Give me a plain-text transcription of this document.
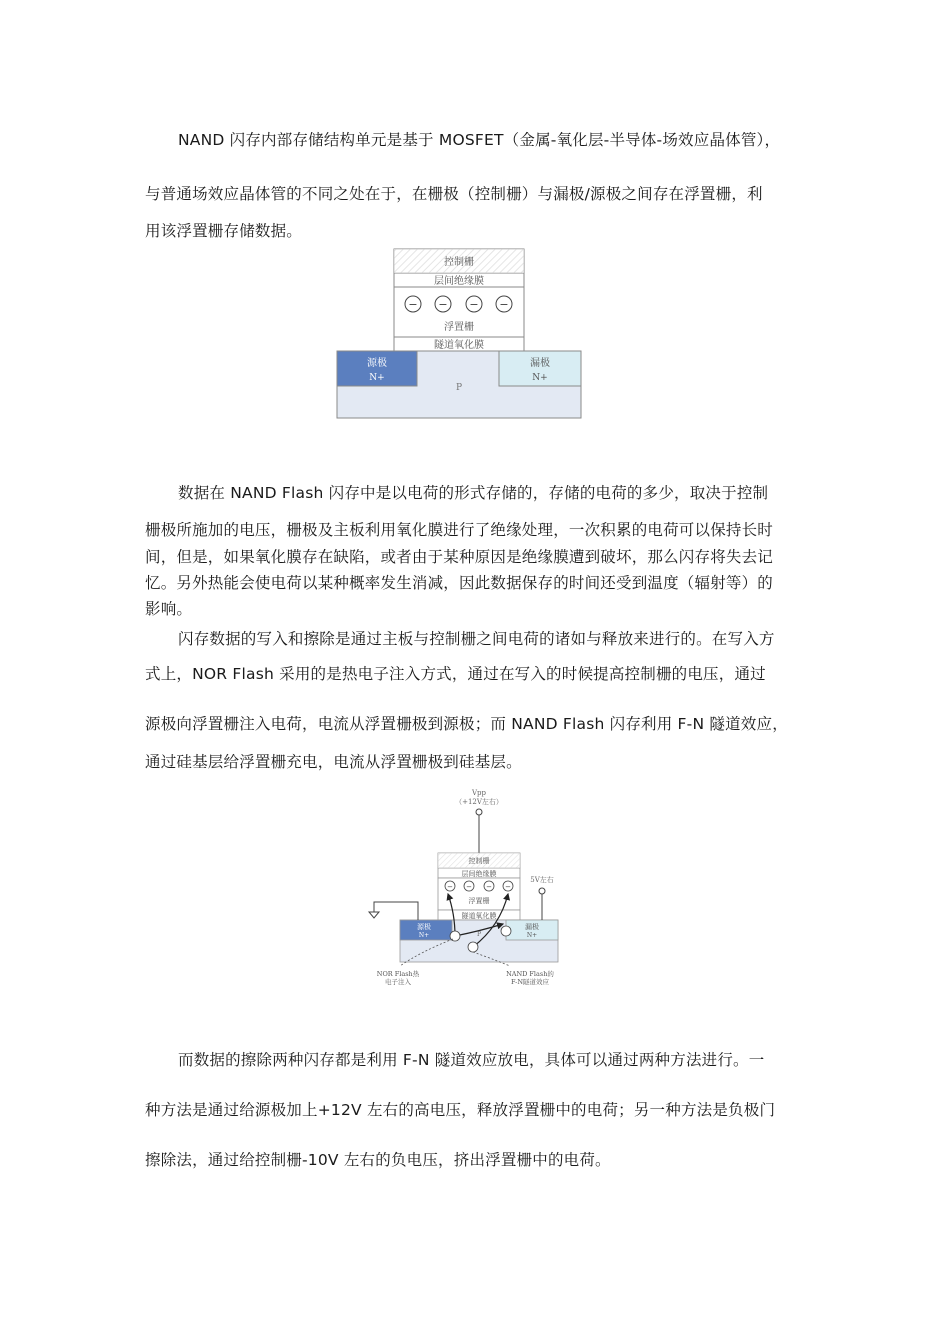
NAND 闪存内部存储结构单元是基于 MOSFET（金属-氧化层-半导体-场效应晶体管），
与普通场效应晶体管的不同之处在于，在栅极（控制栅）与漏极/源极之间存在浮置栅，利
用该浮置栅存储数据。
控制栅
层间绝缘膜
− − − −
浮置栅
隧道氧化膜
源极
N+
漏极
N+
P
数据在 NAND Flash 闪存中是以电荷的形式存储的，存储的电荷的多少，取决于控制
栅极所施加的电压，栅极及主板利用氧化膜进行了绝缘处理，一次积累的电荷可以保持长时
间，但是，如果氧化膜存在缺陷，或者由于某种原因是绝缘膜遭到破坏，那么闪存将失去记
忆。另外热能会使电荷以某种概率发生消减，因此数据保存的时间还受到温度（辐射等）的
影响。
闪存数据的写入和擦除是通过主板与控制栅之间电荷的诸如与释放来进行的。在写入方
式上，NOR Flash 采用的是热电子注入方式，通过在写入的时候提高控制栅的电压，通过
源极向浮置栅注入电荷，电流从浮置栅极到源极；而 NAND Flash 闪存利用 F-N 隧道效应，
通过硅基层给浮置栅充电，电流从浮置栅极到硅基层。
Vpp
（+12V左右）
控制栅
层间绝缘膜
− − − −
浮置栅
隧道氧化膜
源极
N+
漏极
N+
P
5V左右
NOR Flash热
电子注入
NAND Flash的
F-N隧道效应
而数据的擦除两种闪存都是利用 F-N 隧道效应放电，具体可以通过两种方法进行。一
种方法是通过给源极加上+12V 左右的高电压，释放浮置栅中的电荷；另一种方法是负极门
擦除法，通过给控制栅-10V 左右的负电压，挤出浮置栅中的电荷。
